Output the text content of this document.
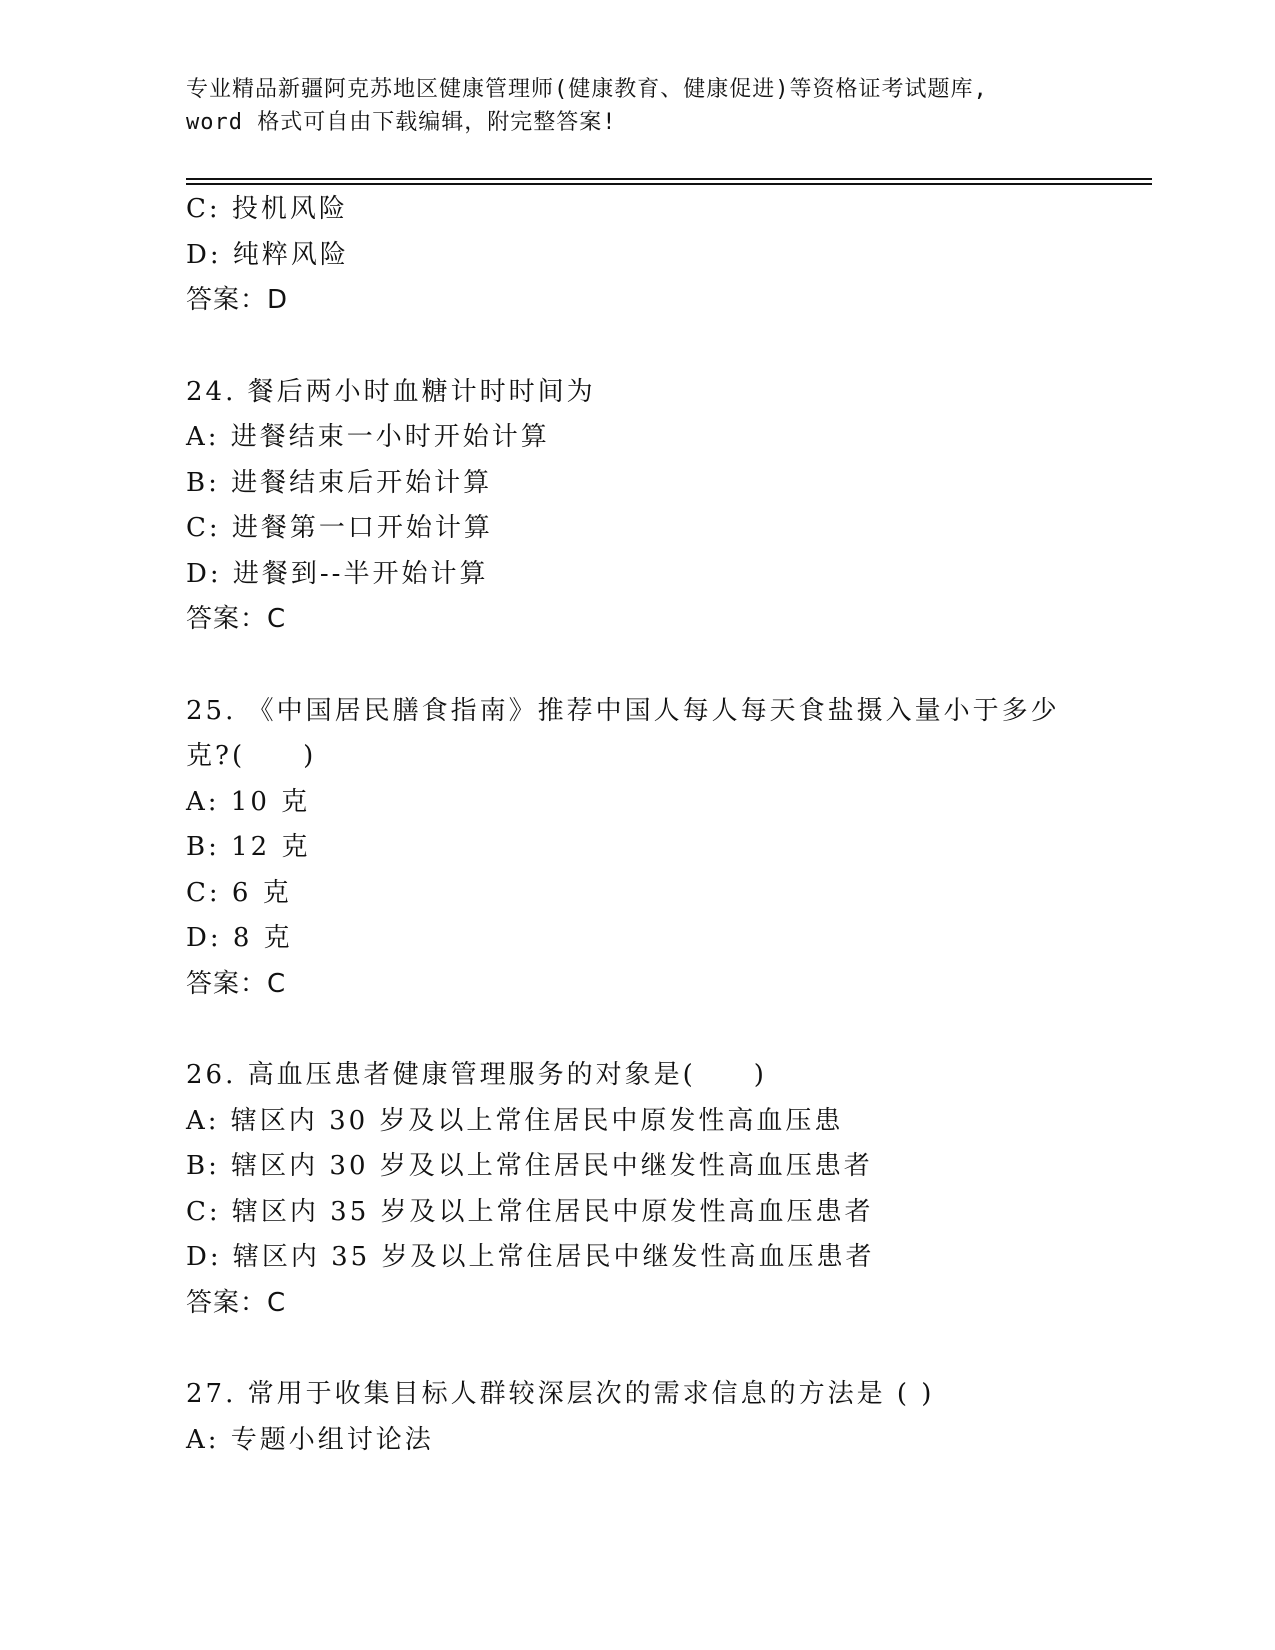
专业精品新疆阿克苏地区健康管理师(健康教育、健康促进)等资格证考试题库,
word 格式可自由下载编辑，附完整答案!
C: 投机风险
D: 纯粹风险
答案：D
24. 餐后两小时血糖计时时间为
A: 进餐结束一小时开始计算
B: 进餐结束后开始计算
C: 进餐第一口开始计算
D: 进餐到--半开始计算
答案：C
25. 《中国居民膳食指南》推荐中国人每人每天食盐摄入量小于多少
克?(　　)
A: 10 克
B: 12 克
C: 6 克
D: 8 克
答案：C
26. 高血压患者健康管理服务的对象是(　　)
A: 辖区内 30 岁及以上常住居民中原发性高血压患
B: 辖区内 30 岁及以上常住居民中继发性高血压患者
C: 辖区内 35 岁及以上常住居民中原发性高血压患者
D: 辖区内 35 岁及以上常住居民中继发性高血压患者
答案：C
27. 常用于收集目标人群较深层次的需求信息的方法是 ( )
A: 专题小组讨论法
